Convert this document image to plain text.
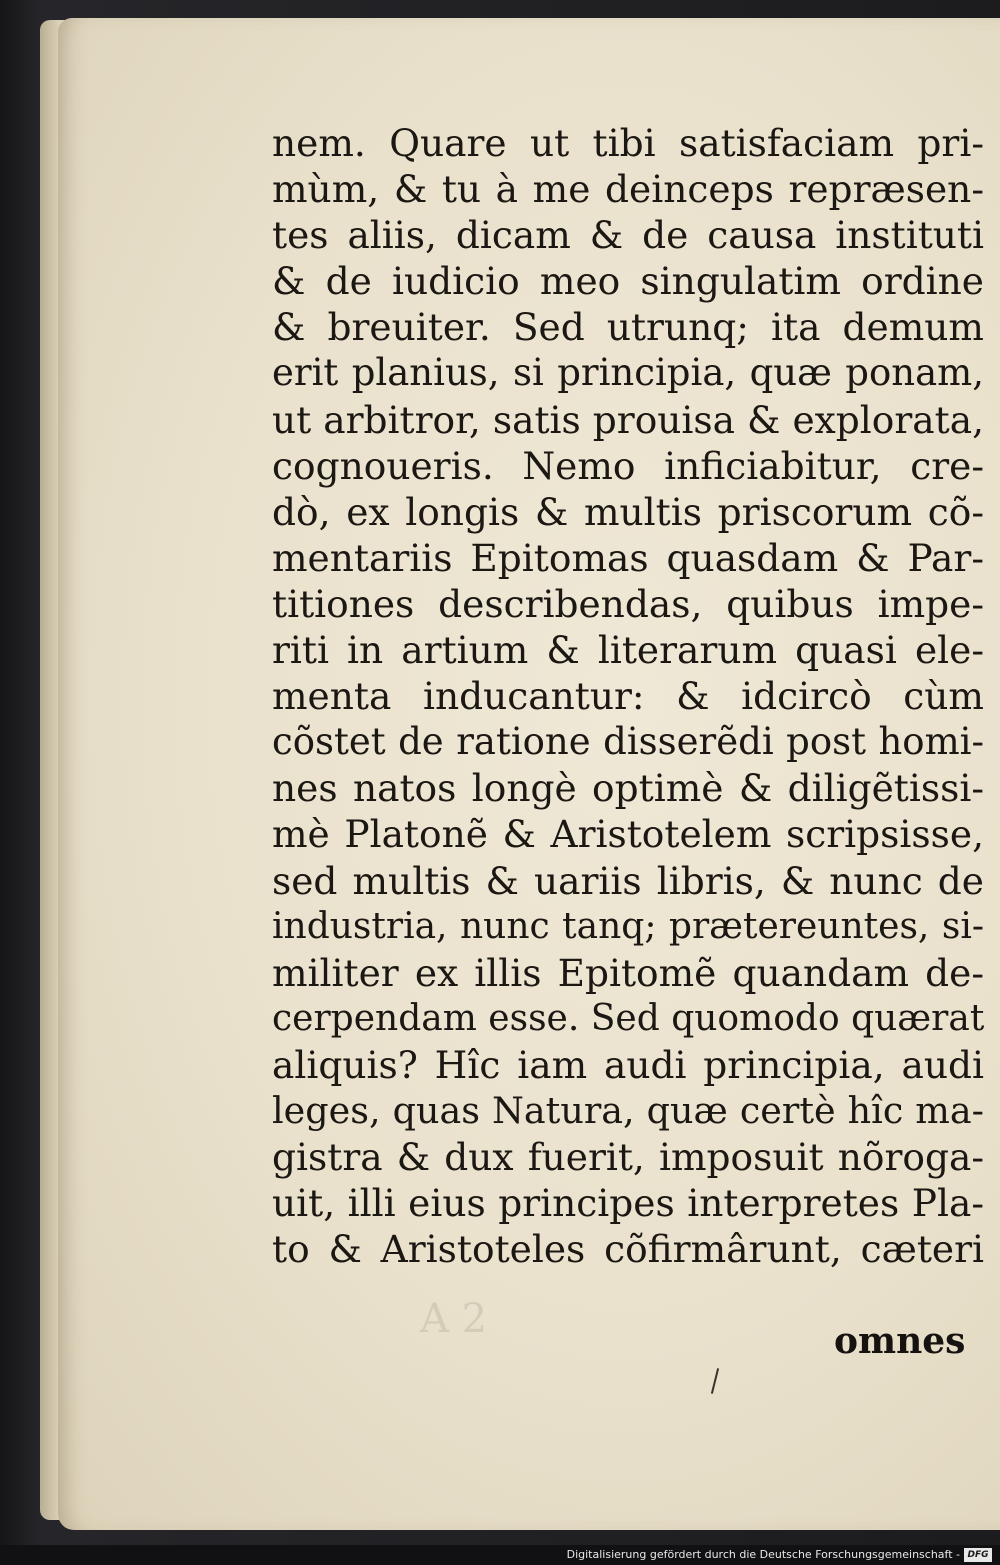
nem. Quare ut tibi satisfaciam pri-
mùm, & tu à me deinceps repræsen-
tes aliis, dicam & de causa instituti
& de iudicio meo singulatim ordine
& breuiter. Sed utrunq; ita demum
erit planius, si principia, quæ ponam,
ut arbitror, satis prouisa & explorata,
cognoueris. Nemo inficiabitur, cre-
dò, ex longis & multis priscorum cõ-
mentariis Epitomas quasdam & Par-
titiones describendas, quibus impe-
riti in artium & literarum quasi ele-
menta inducantur: & idcircò cùm
cõstet de ratione disserẽdi post homi-
nes natos longè optimè & diligẽtissi-
mè Platonẽ & Aristotelem scripsisse,
sed multis & uariis libris, & nunc de
industria, nunc tanq; prætereuntes, si-
militer ex illis Epitomẽ quandam de-
cerpendam esse. Sed quomodo quærat
aliquis? Hîc iam audi principia, audi
leges, quas Natura, quæ certè hîc ma-
gistra & dux fuerit, imposuit nõroga-
uit, illi eius principes interpretes Pla-
to & Aristoteles cõfirmârunt, cæteri
A 2	omnes
Digitalisierung gefördert durch die Deutsche Forschungsgemeinschaft - DFG
